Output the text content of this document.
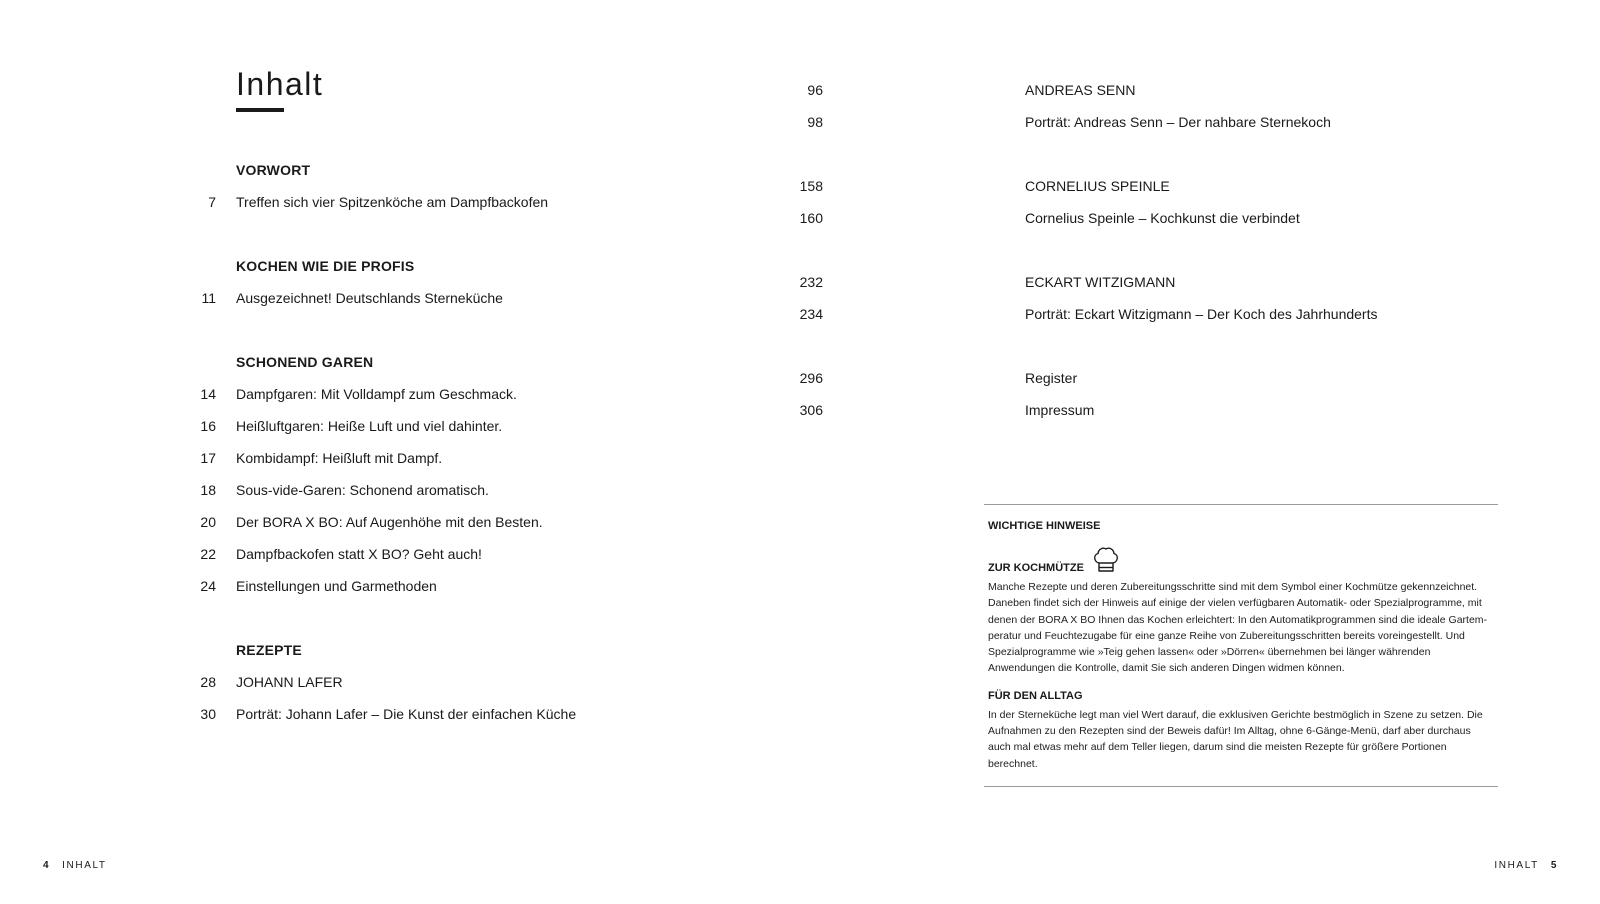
Inhalt
VORWORT
7 Treffen sich vier Spitzenköche am Dampfbackofen
KOCHEN WIE DIE PROFIS
11 Ausgezeichnet! Deutschlands Sterneküche
SCHONEND GAREN
14 Dampfgaren: Mit Volldampf zum Geschmack.
16 Heißluftgaren: Heiße Luft und viel dahinter.
17 Kombidampf: Heißluft mit Dampf.
18 Sous-vide-Garen: Schonend aromatisch.
20 Der BORA X BO: Auf Augenhöhe mit den Besten.
22 Dampfbackofen statt X BO? Geht auch!
24 Einstellungen und Garmethoden
REZEPTE
28 JOHANN LAFER
30 Porträt: Johann Lafer – Die Kunst der einfachen Küche
4 INHALT
96	ANDREAS SENN
98	Porträt: Andreas Senn – Der nahbare Sternekoch
158	CORNELIUS SPEINLE
160	Cornelius Speinle – Kochkunst die verbindet
232	ECKART WITZIGMANN
234	Porträt: Eckart Witzigmann – Der Koch des Jahrhunderts
296	Register
306	Impressum
WICHTIGE HINWEISE
ZUR KOCHMÜTZE

Manche Rezepte und deren Zubereitungsschritte sind mit dem Symbol einer Kochmütze gekennzeichnet. Daneben findet sich der Hinweis auf einige der vielen verfügbaren Automatik- oder Spezialprogramme, mit denen der BORA X BO Ihnen das Kochen erleichtert: In den Automatikprogrammen sind die ideale Gartemperatur und Feuchtezugabe für eine ganze Reihe von Zubereitungsschritten bereits voreingestellt. Und Spezialprogramme wie »Teig gehen lassen« oder »Dörren« übernehmen bei länger währenden Anwendungen die Kontrolle, damit Sie sich anderen Dingen widmen können.

FÜR DEN ALLTAG

In der Sterneküche legt man viel Wert darauf, die exklusiven Gerichte bestmöglich in Szene zu setzen. Die Aufnahmen zu den Rezepten sind der Beweis dafür! Im Alltag, ohne 6-Gänge-Menü, darf aber durchaus auch mal etwas mehr auf dem Teller liegen, darum sind die meisten Rezepte für größere Portionen berechnet.

INHALT 5
